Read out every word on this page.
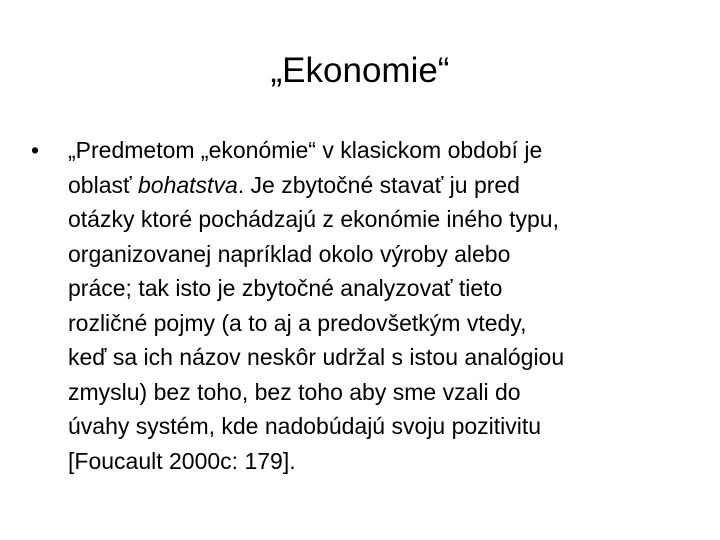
„Ekonomie“
• „Predmetom „ekonómie“ v klasickom období je
oblasť bohatstva. Je zbytočné stavať ju pred
otázky ktoré pochádzajú z ekonómie iného typu,
organizovanej napríklad okolo výroby alebo
práce; tak isto je zbytočné analyzovať tieto
rozličné pojmy (a to aj a predovšetkým vtedy,
keď sa ich názov neskôr udržal s istou analógiou
zmyslu) bez toho, bez toho aby sme vzali do
úvahy systém, kde nadobúdajú svoju pozitivitu
[Foucault 2000c: 179].
